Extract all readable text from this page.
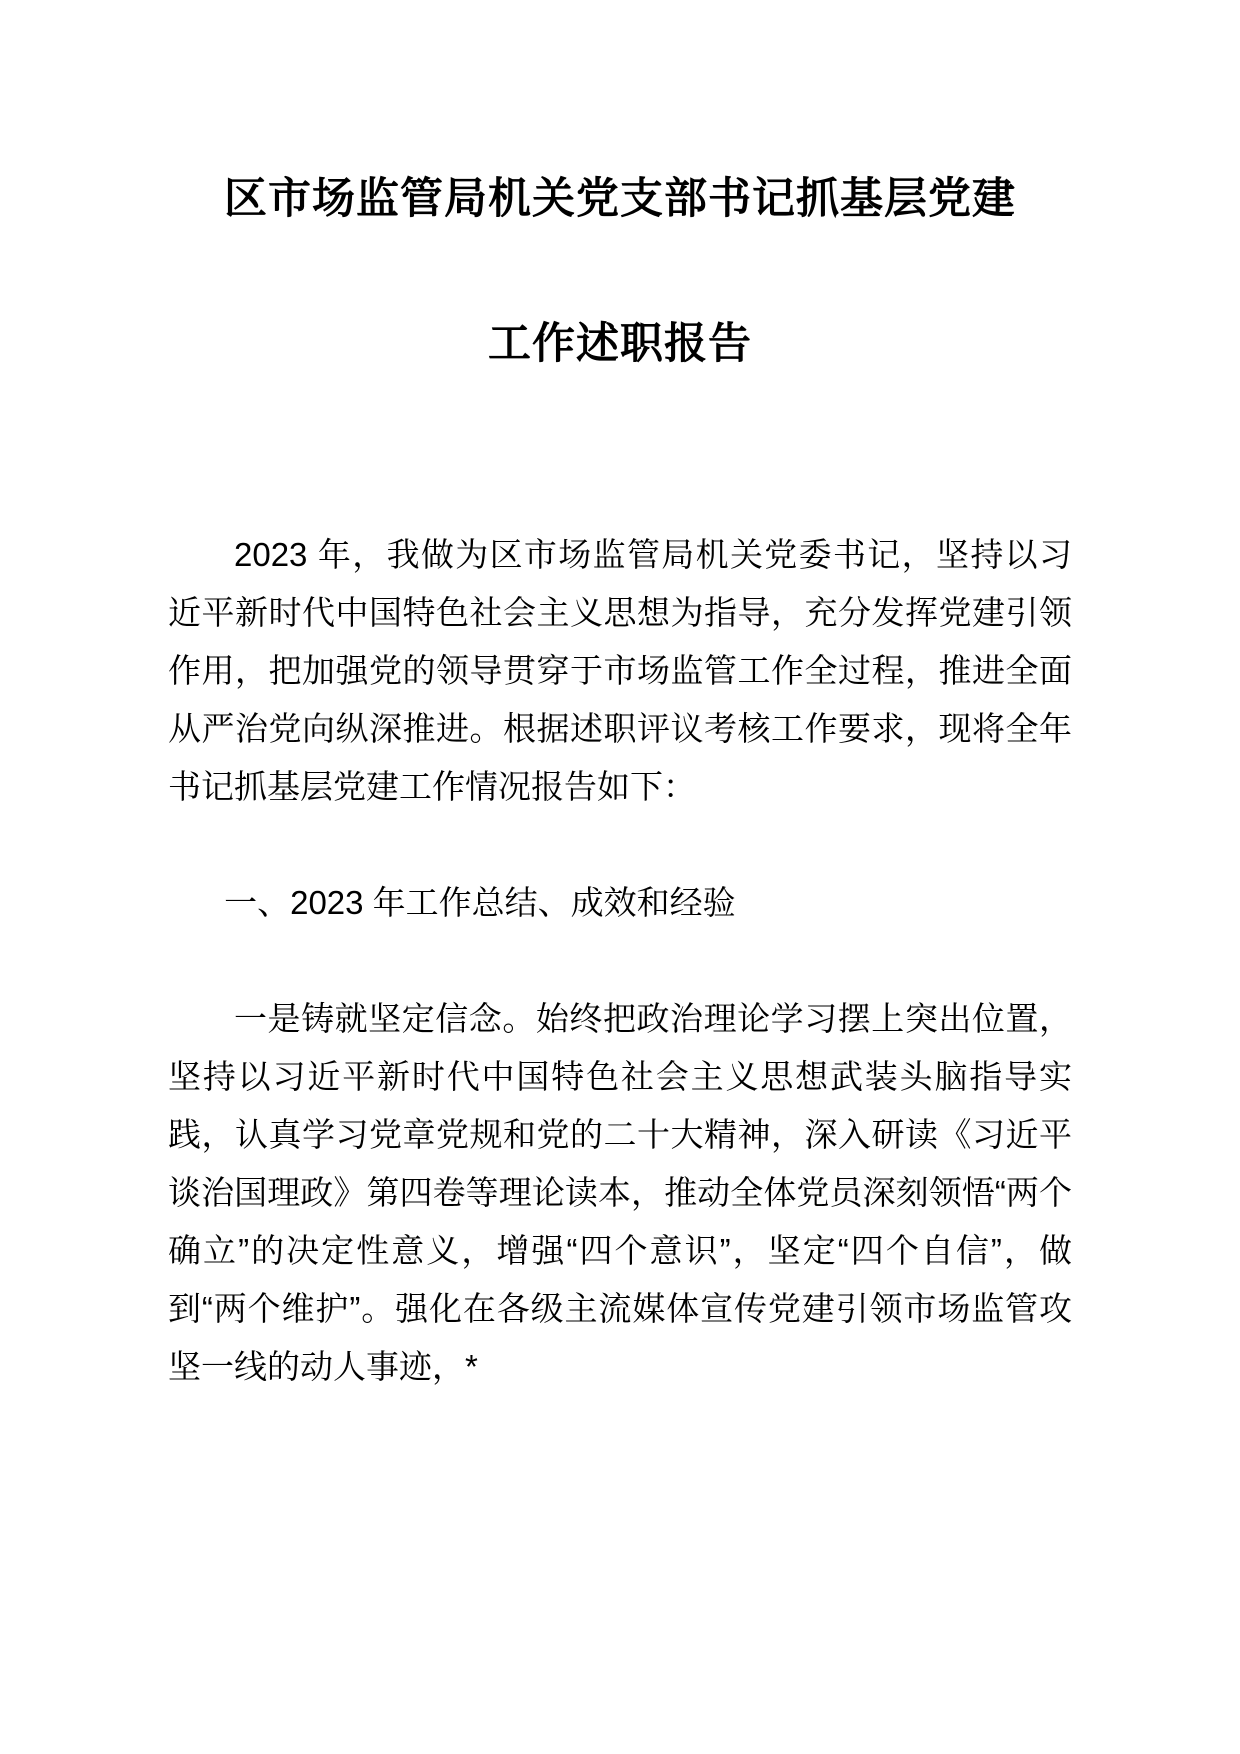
区市场监管局机关党支部书记抓基层党建
工作述职报告

2023 年，我做为区市场监管局机关党委书记，坚持以习近平新时代中国特色社会主义思想为指导，充分发挥党建引领作用，把加强党的领导贯穿于市场监管工作全过程，推进全面从严治党向纵深推进。根据述职评议考核工作要求，现将全年书记抓基层党建工作情况报告如下：

一、2023 年工作总结、成效和经验

一是铸就坚定信念。始终把政治理论学习摆上突出位置，坚持以习近平新时代中国特色社会主义思想武装头脑指导实践，认真学习党章党规和党的二十大精神，深入研读《习近平谈治国理政》第四卷等理论读本，推动全体党员深刻领悟“两个确立”的决定性意义，增强“四个意识”，坚定“四个自信”，做到“两个维护”。强化在各级主流媒体宣传党建引领市场监管攻坚一线的动人事迹，*
